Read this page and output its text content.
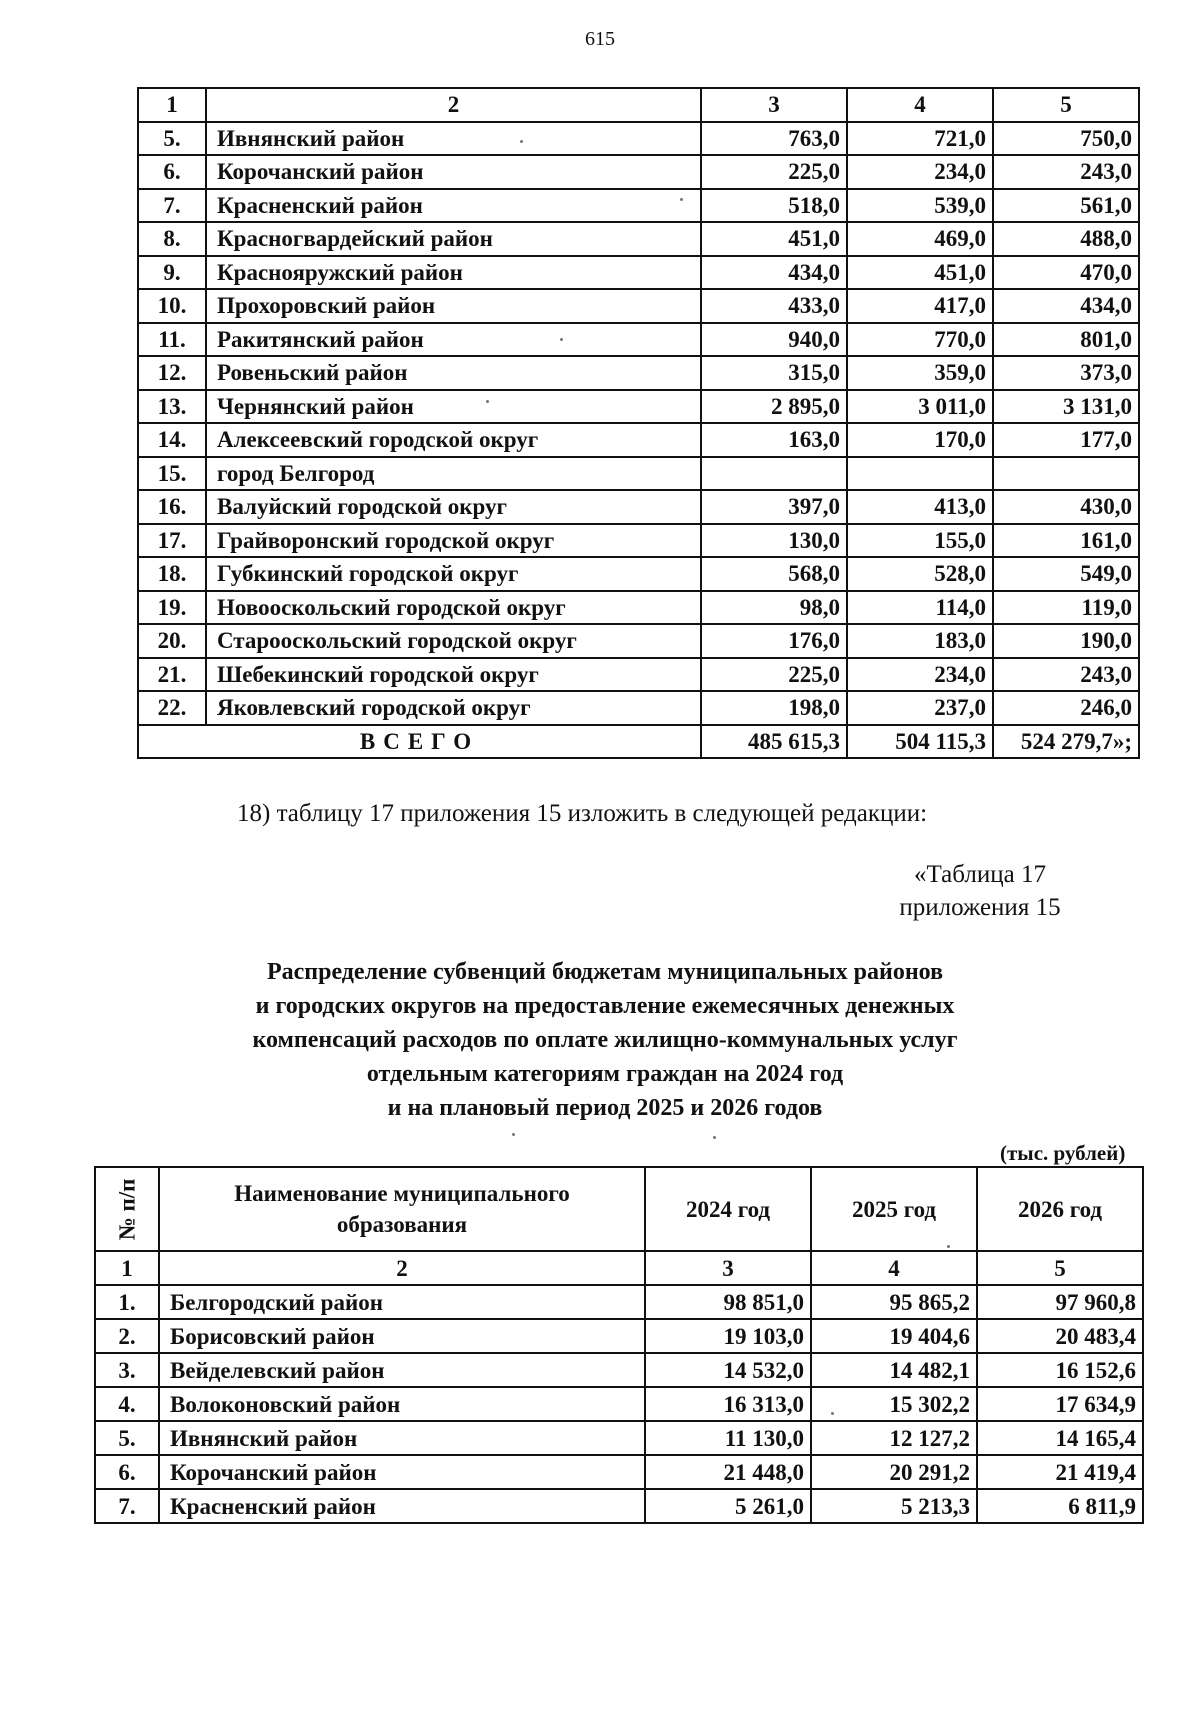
615
1	2	3	4	5
5.	Ивнянский район	763,0	721,0	750,0
6.	Корочанский район	225,0	234,0	243,0
7.	Красненский район	518,0	539,0	561,0
8.	Красногвардейский район	451,0	469,0	488,0
9.	Краснояружский район	434,0	451,0	470,0
10.	Прохоровский район	433,0	417,0	434,0
11.	Ракитянский район	940,0	770,0	801,0
12.	Ровеньский район	315,0	359,0	373,0
13.	Чернянский район	2 895,0	3 011,0	3 131,0
14.	Алексеевский городской округ	163,0	170,0	177,0
15.	город Белгород			
16.	Валуйский городской округ	397,0	413,0	430,0
17.	Грайворонский городской округ	130,0	155,0	161,0
18.	Губкинский городской округ	568,0	528,0	549,0
19.	Новооскольский городской округ	98,0	114,0	119,0
20.	Старооскольский городской округ	176,0	183,0	190,0
21.	Шебекинский городской округ	225,0	234,0	243,0
22.	Яковлевский городской округ	198,0	237,0	246,0
ВСЕГО		485 615,3	504 115,3	524 279,7»;
18) таблицу 17 приложения 15 изложить в следующей редакции:
«Таблица 17
приложения 15
Распределение субвенций бюджетам муниципальных районов
и городских округов на предоставление ежемесячных денежных
компенсаций расходов по оплате жилищно-коммунальных услуг
отдельным категориям граждан на 2024 год
и на плановый период 2025 и 2026 годов
(тыс. рублей)
№ п/п	Наименование муниципального образования	2024 год	2025 год	2026 год
1	2	3	4	5
1.	Белгородский район	98 851,0	95 865,2	97 960,8
2.	Борисовский район	19 103,0	19 404,6	20 483,4
3.	Вейделевский район	14 532,0	14 482,1	16 152,6
4.	Волоконовский район	16 313,0	15 302,2	17 634,9
5.	Ивнянский район	11 130,0	12 127,2	14 165,4
6.	Корочанский район	21 448,0	20 291,2	21 419,4
7.	Красненский район	5 261,0	5 213,3	6 811,9
